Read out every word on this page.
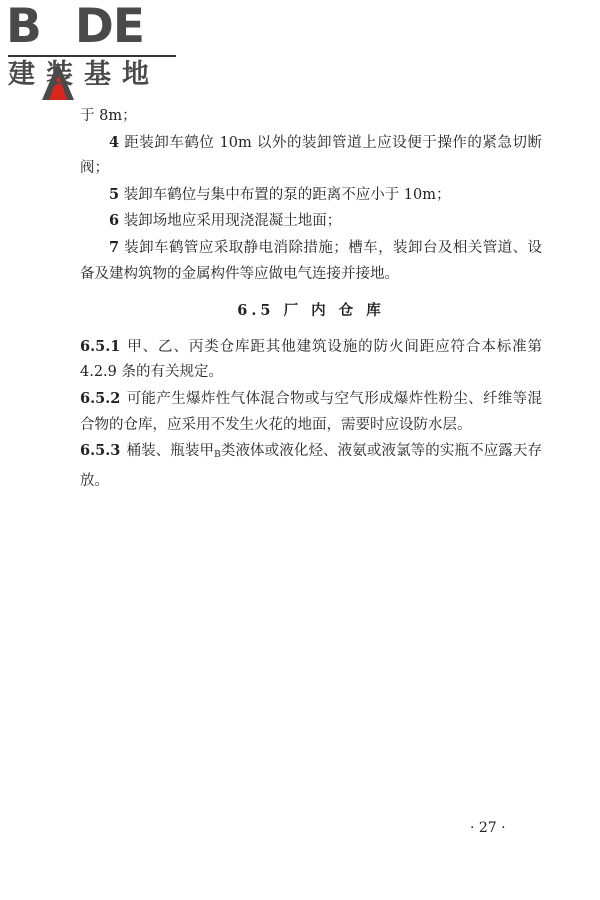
B D E
建装基地

于 8m；

4 距装卸车鹤位 10m 以外的装卸管道上应设便于操作的紧急切断阀；

5 装卸车鹤位与集中布置的泵的距离不应小于 10m；

6 装卸场地应采用现浇混凝土地面；

7 装卸车鹤管应采取静电消除措施；槽车，装卸台及相关管道、设备及建构筑物的金属构件等应做电气连接并接地。

6.5 厂 内 仓 库

6.5.1 甲、乙、丙类仓库距其他建筑设施的防火间距应符合本标准第 4.2.9 条的有关规定。

6.5.2 可能产生爆炸性气体混合物或与空气形成爆炸性粉尘、纤维等混合物的仓库，应采用不发生火花的地面，需要时应设防水层。

6.5.3 桶装、瓶装甲$_B$类液体或液化烃、液氨或液氯等的实瓶不应露天存放。

· 27 ·
